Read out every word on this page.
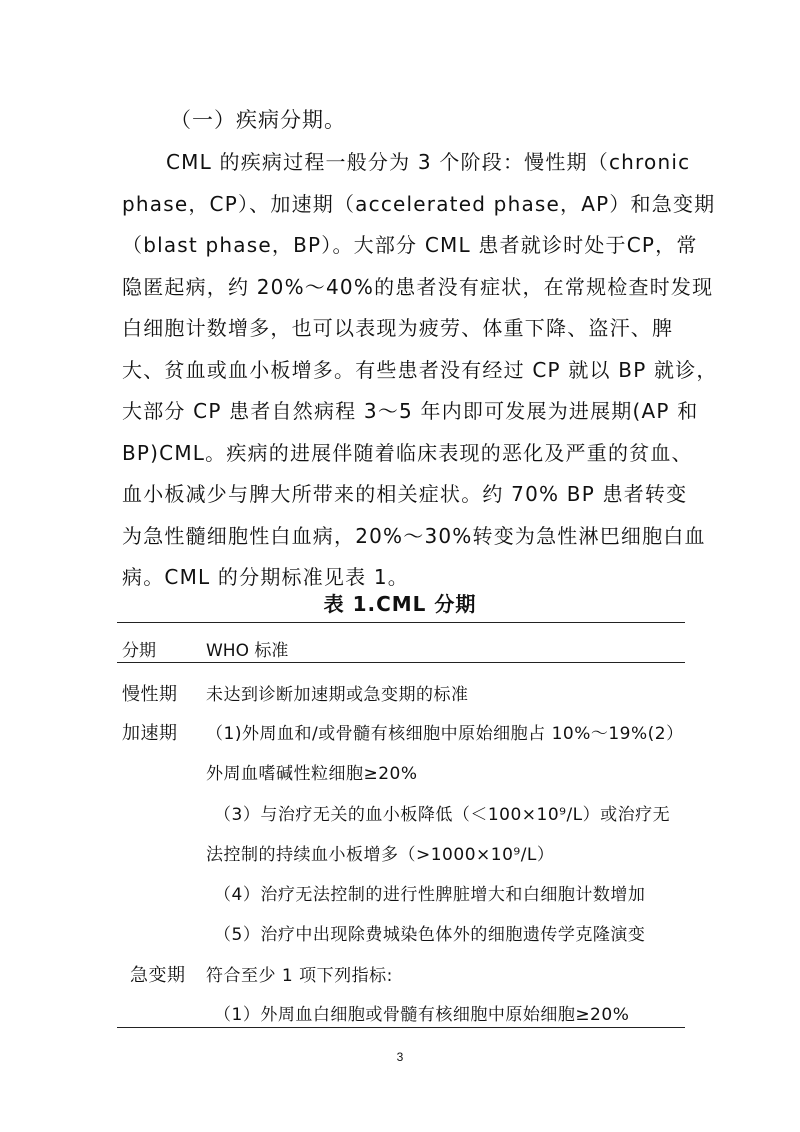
（一）疾病分期。
CML 的疾病过程一般分为 3 个阶段：慢性期（chronic
phase，CP）、加速期（accelerated phase，AP）和急变期
（blast phase，BP）。大部分 CML 患者就诊时处于CP，常
隐匿起病，约 20%～40%的患者没有症状，在常规检查时发现
白细胞计数增多，也可以表现为疲劳、体重下降、盗汗、脾
大、贫血或血小板增多。有些患者没有经过 CP 就以 BP 就诊，
大部分 CP 患者自然病程 3～5 年内即可发展为进展期(AP 和
BP)CML。疾病的进展伴随着临床表现的恶化及严重的贫血、
血小板减少与脾大所带来的相关症状。约 70% BP 患者转变
为急性髓细胞性白血病，20%～30%转变为急性淋巴细胞白血
病。CML 的分期标准见表 1。
表 1.CML 分期
分期	WHO 标准
慢性期
加速期
急变期
未达到诊断加速期或急变期的标准
（1)外周血和/或骨髓有核细胞中原始细胞占 10%～19%(2）
外周血嗜碱性粒细胞≥20%
（3）与治疗无关的血小板降低（＜100×10⁹/L）或治疗无
法控制的持续血小板增多（>1000×10⁹/L）
（4）治疗无法控制的进行性脾脏增大和白细胞计数增加
（5）治疗中出现除费城染色体外的细胞遗传学克隆演变
符合至少 1 项下列指标:
（1）外周血白细胞或骨髓有核细胞中原始细胞≥20%
3
